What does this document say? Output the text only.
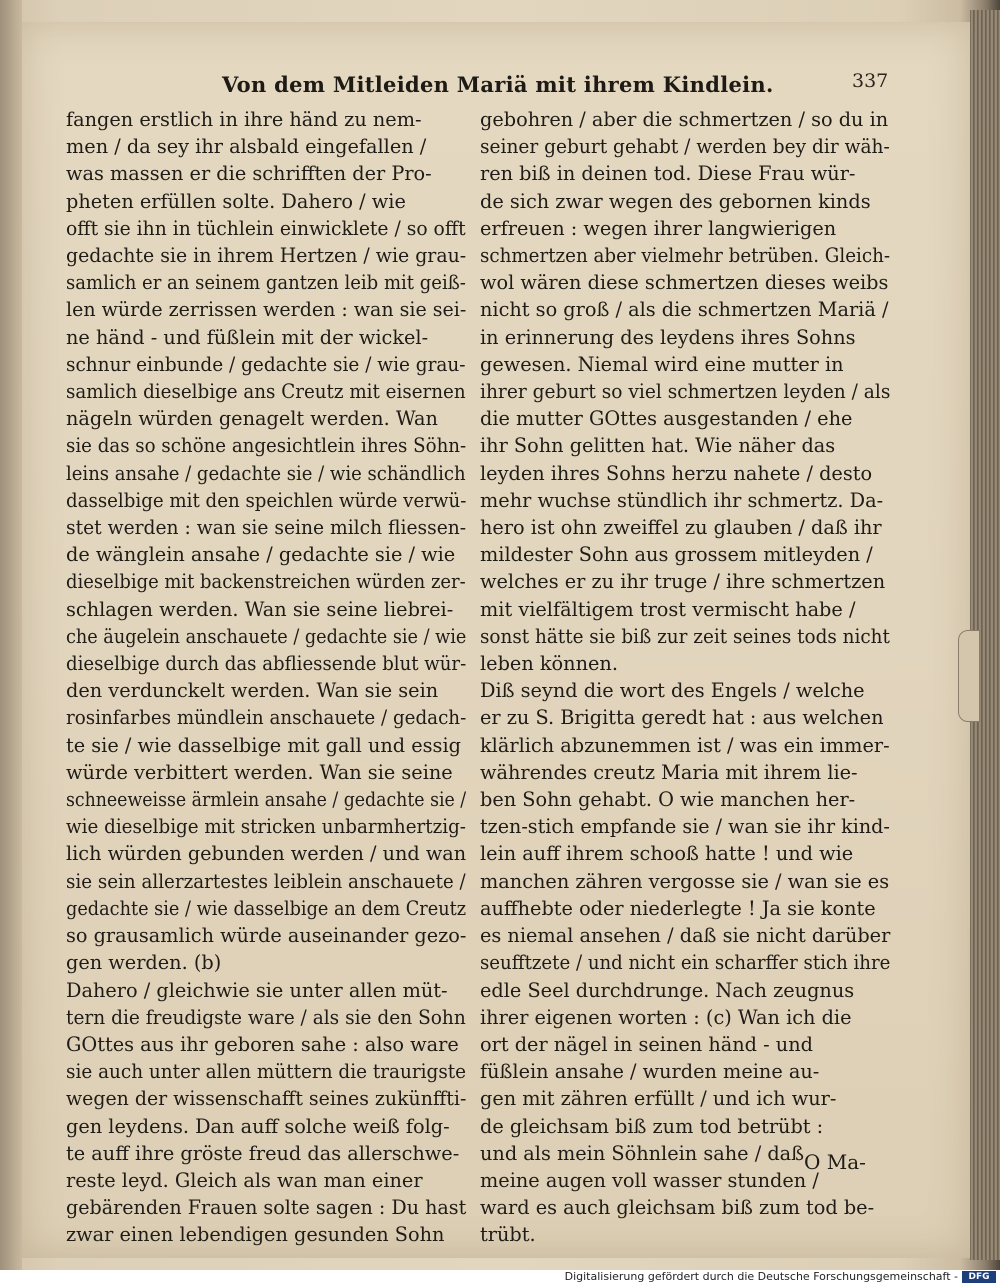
Von dem Mitleiden Mariä mit ihrem Kindlein.	337
fangen erstlich in ihre händ zu nem-
men / da sey ihr alsbald eingefallen /
was massen er die schrifften der Pro-
pheten erfüllen solte. Dahero / wie
offt sie ihn in tüchlein einwicklete / so offt
gedachte sie in ihrem Hertzen / wie grau-
samlich er an seinem gantzen leib mit geiß-
len würde zerrissen werden : wan sie sei-
ne händ - und füßlein mit der wickel-
schnur einbunde / gedachte sie / wie grau-
samlich dieselbige ans Creutz mit eisernen
nägeln würden genagelt werden. Wan
sie das so schöne angesichtlein ihres Söhn-
leins ansahe / gedachte sie / wie schändlich
dasselbige mit den speichlen würde verwü-
stet werden : wan sie seine milch fliessen-
de wänglein ansahe / gedachte sie / wie
dieselbige mit backenstreichen würden zer-
schlagen werden. Wan sie seine liebrei-
che äugelein anschauete / gedachte sie / wie
dieselbige durch das abfliessende blut wür-
den verdunckelt werden. Wan sie sein
rosinfarbes mündlein anschauete / gedach-
te sie / wie dasselbige mit gall und essig
würde verbittert werden. Wan sie seine
schneeweisse ärmlein ansahe / gedachte sie /
wie dieselbige mit stricken unbarmhertzig-
lich würden gebunden werden / und wan
sie sein allerzartestes leiblein anschauete /
gedachte sie / wie dasselbige an dem Creutz
so grausamlich würde auseinander gezo-
gen werden. (b)
Dahero / gleichwie sie unter allen müt-
tern die freudigste ware / als sie den Sohn
GOttes aus ihr geboren sahe : also ware
sie auch unter allen müttern die traurigste
wegen der wissenschafft seines zukünffti-
gen leydens. Dan auff solche weiß folg-
te auff ihre gröste freud das allerschwe-
reste leyd. Gleich als wan man einer
gebärenden Frauen solte sagen : Du hast
zwar einen lebendigen gesunden Sohn
gebohren / aber die schmertzen / so du in
seiner geburt gehabt / werden bey dir wäh-
ren biß in deinen tod. Diese Frau wür-
de sich zwar wegen des gebornen kinds
erfreuen : wegen ihrer langwierigen
schmertzen aber vielmehr betrüben. Gleich-
wol wären diese schmertzen dieses weibs
nicht so groß / als die schmertzen Mariä /
in erinnerung des leydens ihres Sohns
gewesen. Niemal wird eine mutter in
ihrer geburt so viel schmertzen leyden / als
die mutter GOttes ausgestanden / ehe
ihr Sohn gelitten hat. Wie näher das
leyden ihres Sohns herzu nahete / desto
mehr wuchse stündlich ihr schmertz. Da-
hero ist ohn zweiffel zu glauben / daß ihr
mildester Sohn aus grossem mitleyden /
welches er zu ihr truge / ihre schmertzen
mit vielfältigem trost vermischt habe /
sonst hätte sie biß zur zeit seines tods nicht
leben können.
Diß seynd die wort des Engels / welche
er zu S. Brigitta geredt hat : aus welchen
klärlich abzunemmen ist / was ein immer-
währendes creutz Maria mit ihrem lie-
ben Sohn gehabt. O wie manchen her-
tzen-stich empfande sie / wan sie ihr kind-
lein auff ihrem schooß hatte ! und wie
manchen zähren vergosse sie / wan sie es
auffhebte oder niederlegte ! Ja sie konte
es niemal ansehen / daß sie nicht darüber
seufftzete / und nicht ein scharffer stich ihre
edle Seel durchdrunge. Nach zeugnus
ihrer eigenen worten : (c) Wan ich die
ort der nägel in seinen händ - und
füßlein ansahe / wurden meine au-
gen mit zähren erfüllt / und ich wur-
de gleichsam biß zum tod betrübt :
und als mein Söhnlein sahe / daß
meine augen voll wasser stunden /
ward es auch gleichsam biß zum tod be-
trübt.
O Ma-
Digitalisierung gefördert durch die Deutsche Forschungsgemeinschaft -	DFG
